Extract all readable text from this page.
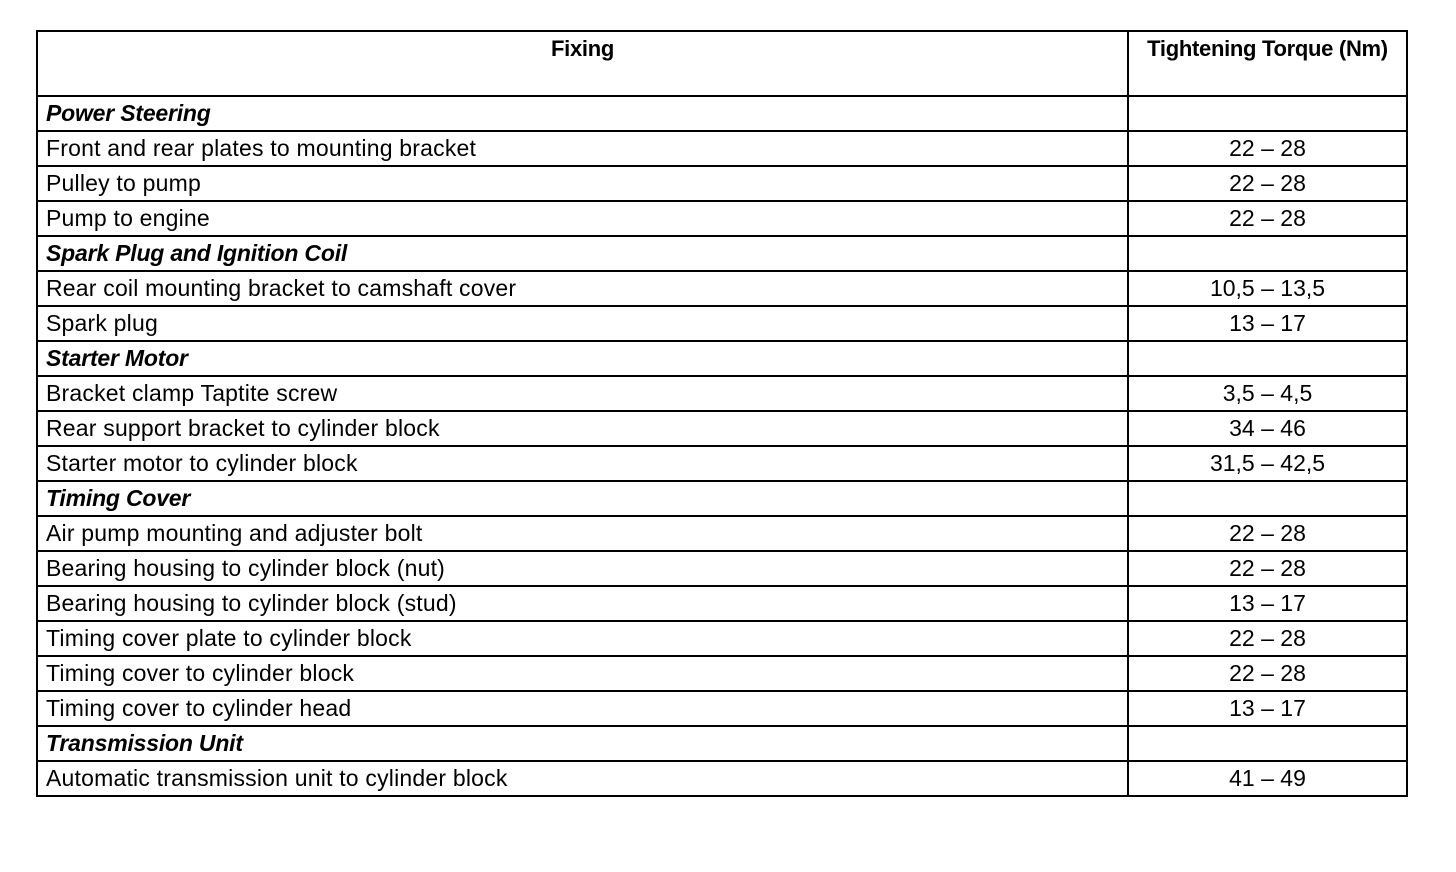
Fixing	Tightening Torque (Nm)
Power Steering	
Front and rear plates to mounting bracket	22 – 28
Pulley to pump	22 – 28
Pump to engine	22 – 28
Spark Plug and Ignition Coil	
Rear coil mounting bracket to camshaft cover	10,5 – 13,5
Spark plug	13 – 17
Starter Motor	
Bracket clamp Taptite screw	3,5 – 4,5
Rear support bracket to cylinder block	34 – 46
Starter motor to cylinder block	31,5 – 42,5
Timing Cover	
Air pump mounting and adjuster bolt	22 – 28
Bearing housing to cylinder block (nut)	22 – 28
Bearing housing to cylinder block (stud)	13 – 17
Timing cover plate to cylinder block	22 – 28
Timing cover to cylinder block	22 – 28
Timing cover to cylinder head	13 – 17
Transmission Unit	
Automatic transmission unit to cylinder block	41 – 49
